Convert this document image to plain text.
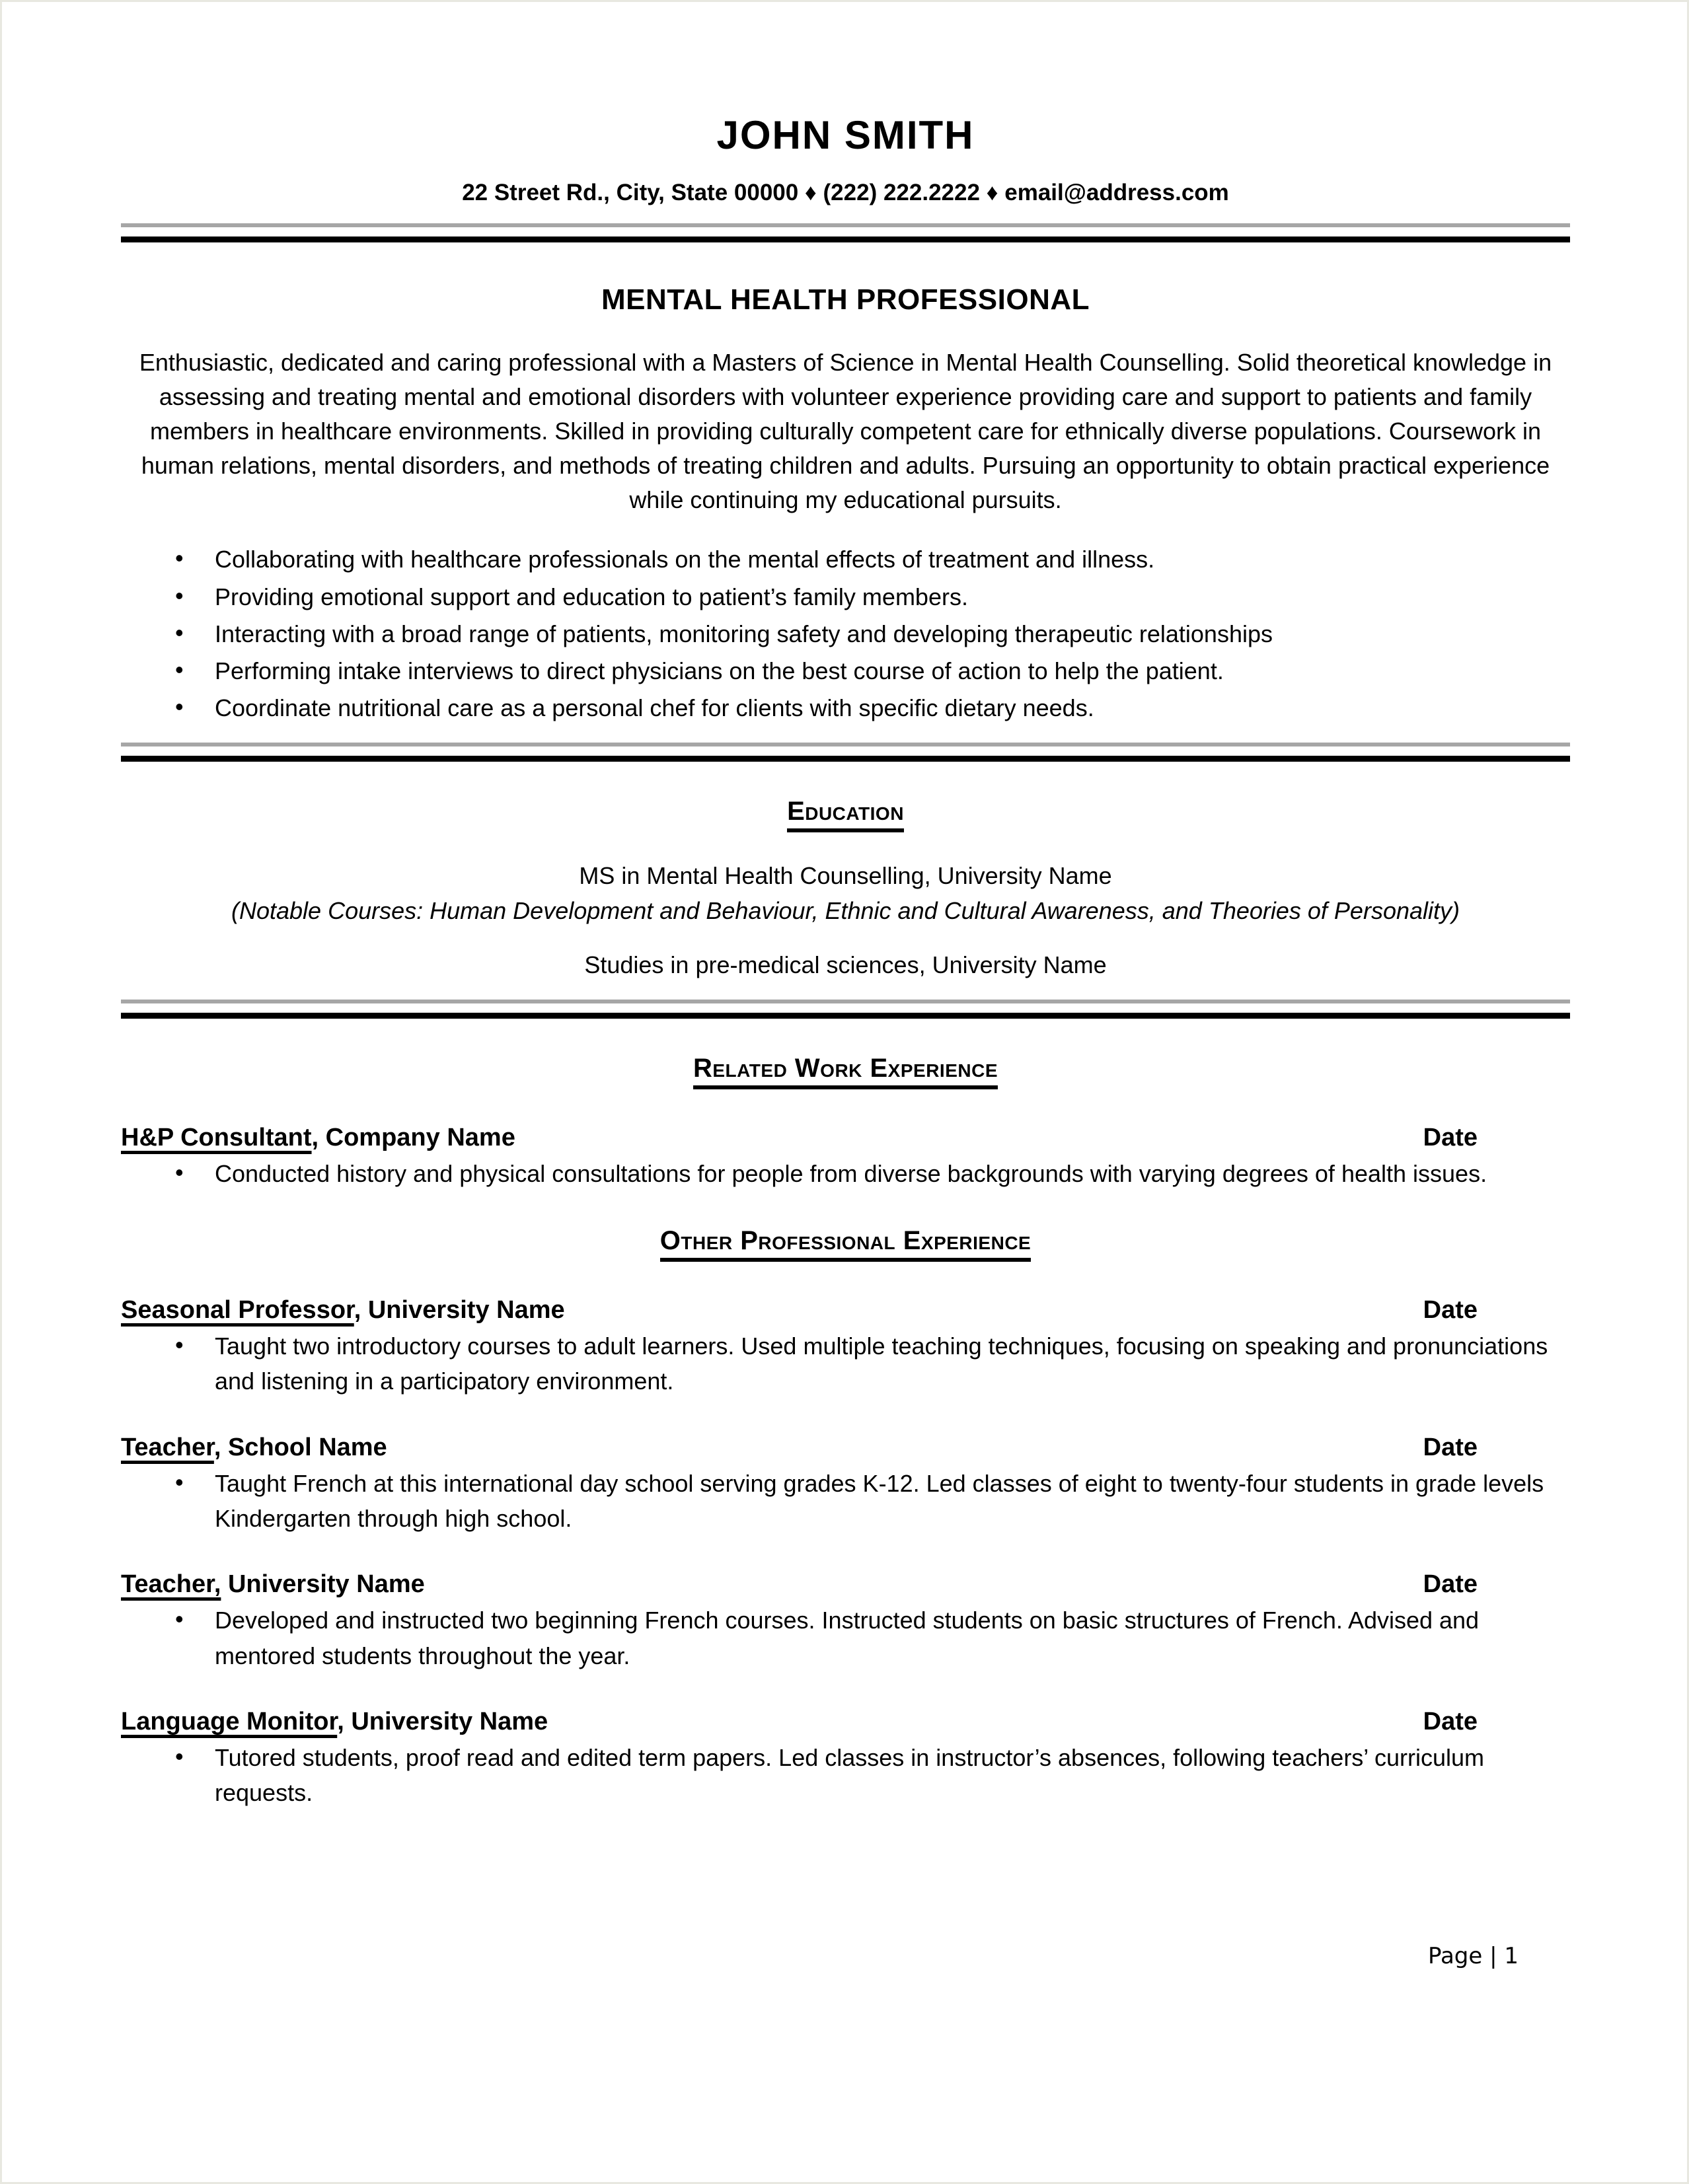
JOHN SMITH
22 Street Rd., City, State 00000 ♦ (222) 222.2222 ♦ email@address.com
MENTAL HEALTH PROFESSIONAL
Enthusiastic, dedicated and caring professional with a Masters of Science in Mental Health Counselling. Solid theoretical knowledge in assessing and treating mental and emotional disorders with volunteer experience providing care and support to patients and family members in healthcare environments. Skilled in providing culturally competent care for ethnically diverse populations. Coursework in human relations, mental disorders, and methods of treating children and adults. Pursuing an opportunity to obtain practical experience while continuing my educational pursuits.
• Collaborating with healthcare professionals on the mental effects of treatment and illness.
• Providing emotional support and education to patient’s family members.
• Interacting with a broad range of patients, monitoring safety and developing therapeutic relationships
• Performing intake interviews to direct physicians on the best course of action to help the patient.
• Coordinate nutritional care as a personal chef for clients with specific dietary needs.
Education
MS in Mental Health Counselling, University Name
(Notable Courses: Human Development and Behaviour, Ethnic and Cultural Awareness, and Theories of Personality)
Studies in pre-medical sciences, University Name
Related Work Experience
H&P Consultant, Company Name	Date
• Conducted history and physical consultations for people from diverse backgrounds with varying degrees of health issues.
Other Professional Experience
Seasonal Professor, University Name	Date
• Taught two introductory courses to adult learners. Used multiple teaching techniques, focusing on speaking and pronunciations and listening in a participatory environment.
Teacher, School Name	Date
• Taught French at this international day school serving grades K-12. Led classes of eight to twenty-four students in grade levels Kindergarten through high school.
Teacher, University Name	Date
• Developed and instructed two beginning French courses. Instructed students on basic structures of French. Advised and mentored students throughout the year.
Language Monitor, University Name	Date
• Tutored students, proof read and edited term papers. Led classes in instructor’s absences, following teachers’ curriculum requests.
Page | 1
